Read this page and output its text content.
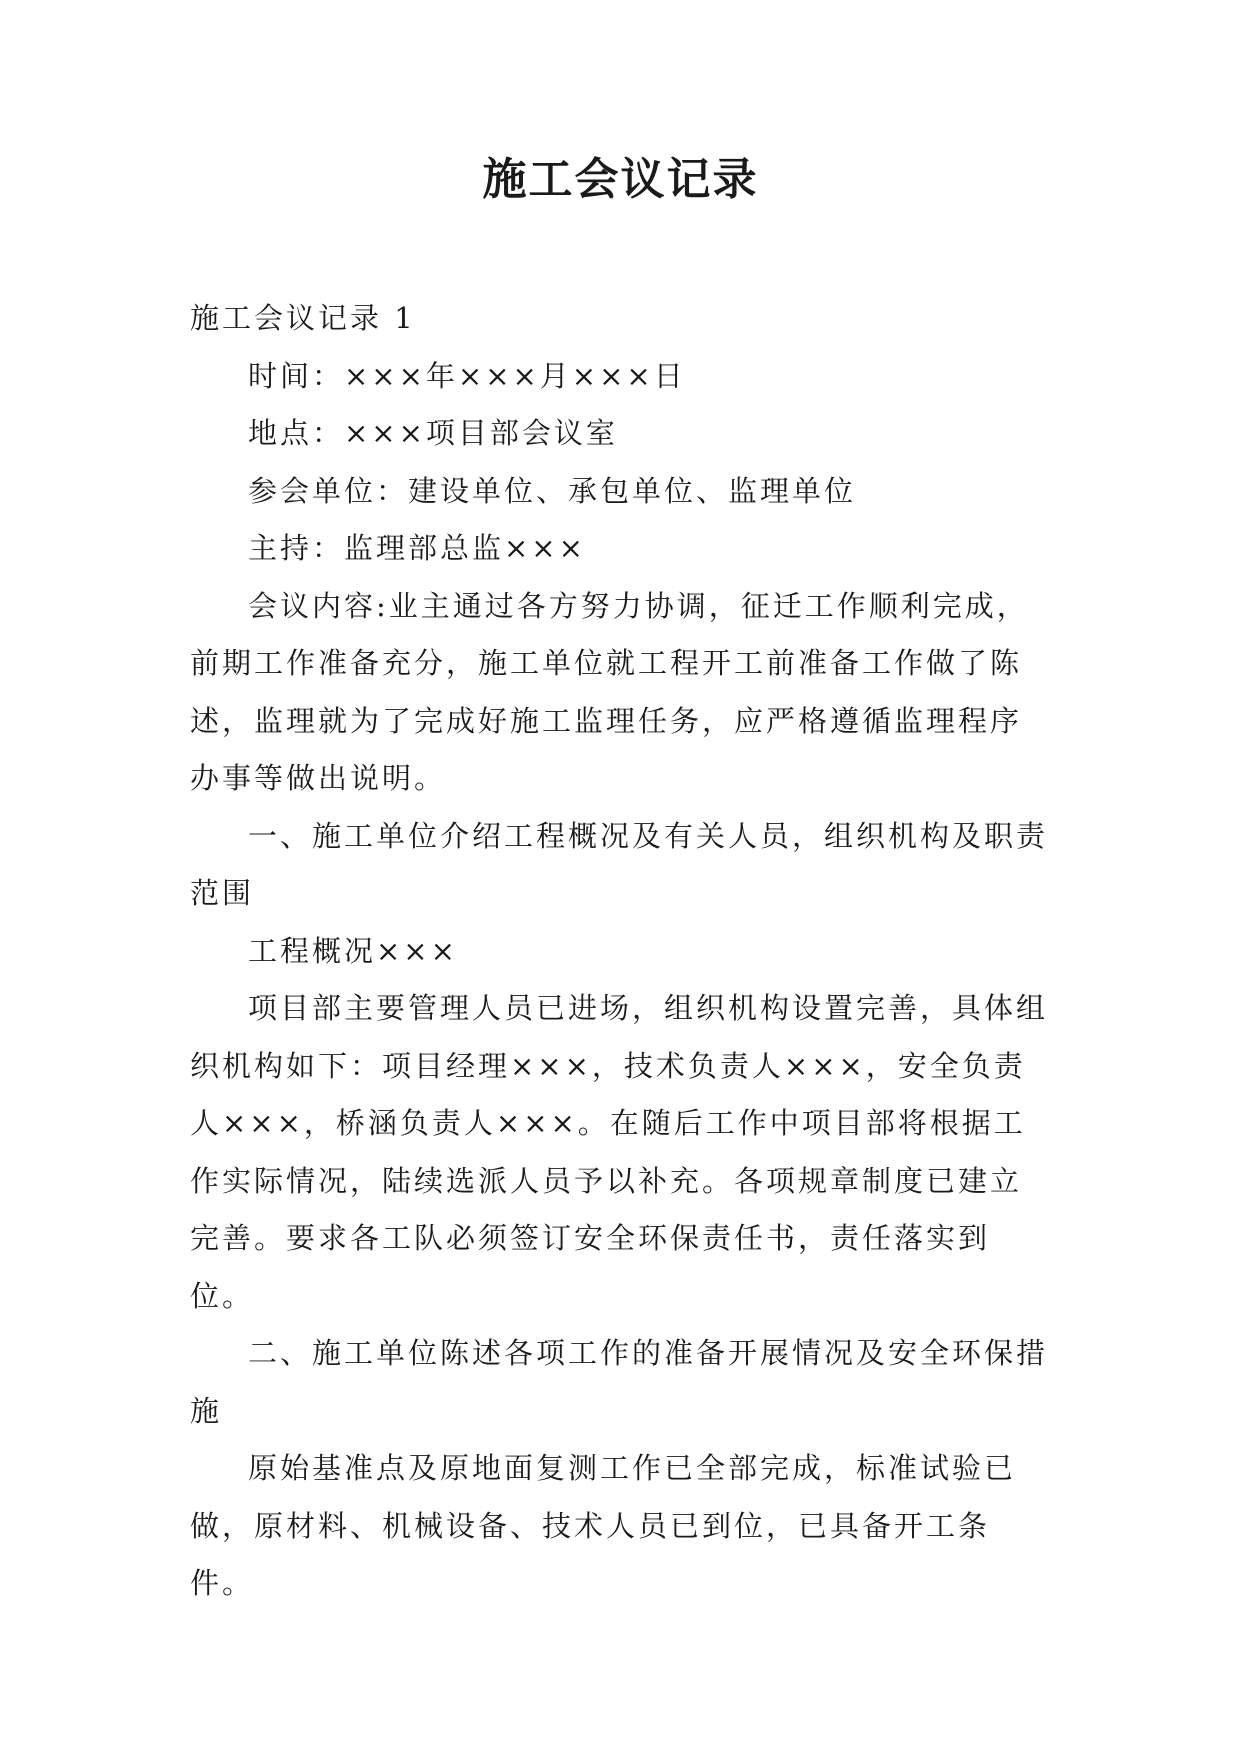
施工会议记录

施工会议记录 1

时间：×××年×××月×××日

地点：×××项目部会议室

参会单位：建设单位、承包单位、监理单位

主持：监理部总监×××

会议内容:业主通过各方努力协调，征迁工作顺利完成，前期工作准备充分，施工单位就工程开工前准备工作做了陈述，监理就为了完成好施工监理任务，应严格遵循监理程序办事等做出说明。

一、施工单位介绍工程概况及有关人员，组织机构及职责范围

工程概况×××

项目部主要管理人员已进场，组织机构设置完善，具体组织机构如下：项目经理×××，技术负责人×××，安全负责人×××，桥涵负责人×××。在随后工作中项目部将根据工作实际情况，陆续选派人员予以补充。各项规章制度已建立完善。要求各工队必须签订安全环保责任书，责任落实到位。

二、施工单位陈述各项工作的准备开展情况及安全环保措施

原始基准点及原地面复测工作已全部完成，标准试验已做，原材料、机械设备、技术人员已到位，已具备开工条件。
